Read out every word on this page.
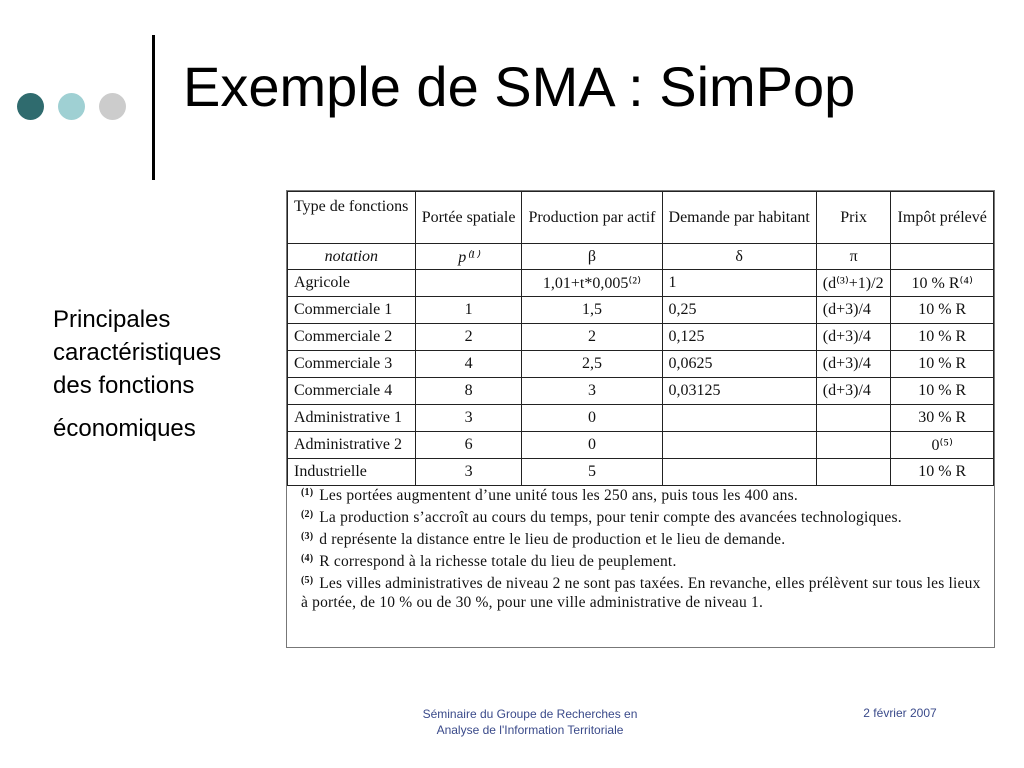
Exemple de SMA : SimPop
Principales
caractéristiques
des fonctions
économiques
Type de fonctions	Portée spatiale	Production par actif	Demande par habitant	Prix	Impôt prélevé
notation	p⁽¹⁾	β	δ	π	
Agricole		1,01+t*0,005⁽²⁾	1	(d⁽³⁾+1)/2	10 % R⁽⁴⁾
Commerciale 1	1	1,5	0,25	(d+3)/4	10 % R
Commerciale 2	2	2	0,125	(d+3)/4	10 % R
Commerciale 3	4	2,5	0,0625	(d+3)/4	10 % R
Commerciale 4	8	3	0,03125	(d+3)/4	10 % R
Administrative 1	3	0			30 % R
Administrative 2	6	0			0⁽⁵⁾
Industrielle	3	5			10 % R
$^{(1)}$ Les portées augmentent d’une unité tous les 250 ans, puis tous les 400 ans.
$^{(2)}$ La production s’accroît au cours du temps, pour tenir compte des avancées technologiques.
$^{(3)}$ d représente la distance entre le lieu de production et le lieu de demande.
$^{(4)}$ R correspond à la richesse totale du lieu de peuplement.
$^{(5)}$ Les villes administratives de niveau 2 ne sont pas taxées. En revanche, elles prélèvent sur tous les lieux à portée, de 10 % ou de 30 %, pour une ville administrative de niveau 1.
Séminaire du Groupe de Recherches en
Analyse de l'Information Territoriale
2 février 2007
